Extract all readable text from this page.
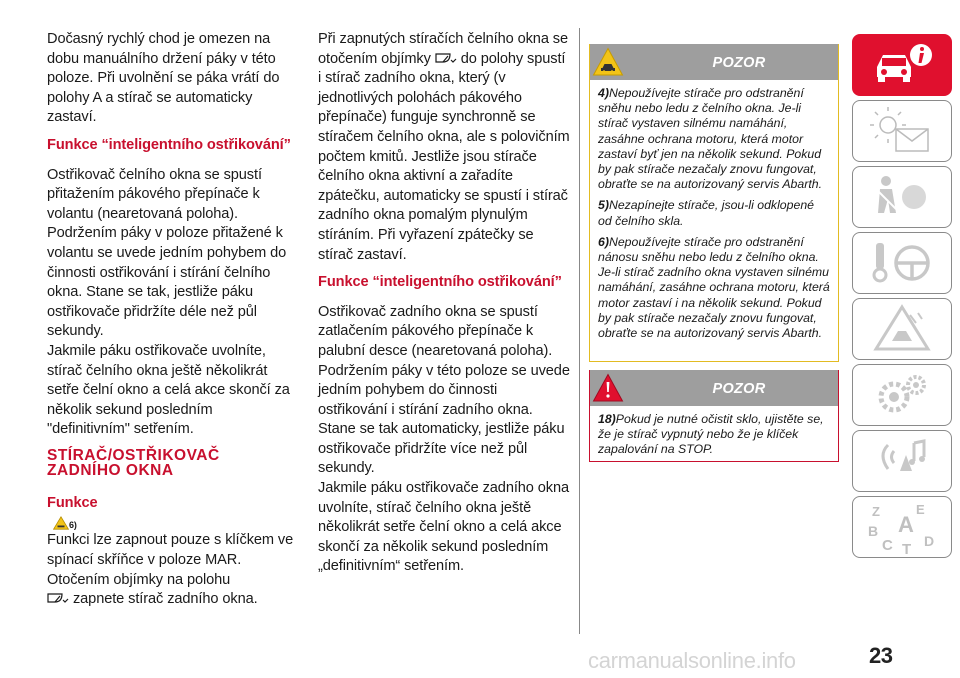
Dočasný rychlý chod je omezen na dobu manuálního držení páky v této poloze. Při uvolnění se páka vrátí do polohy A a stírač se automaticky zastaví.

Funkce “inteligentního ostřikování”

Ostřikovač čelního okna se spustí přitažením pákového přepínače k volantu (nearetovaná poloha). Podržením páky v poloze přitažené k volantu se uvede jedním pohybem do činnosti ostřikování i stírání čelního okna. Stane se tak, jestliže páku ostřikovače přidržíte déle než půl sekundy.

Jakmile páku ostřikovače uvolníte, stírač čelního okna ještě několikrát setře čelní okno a celá akce skončí za několik sekund posledním "definitivním" setřením.

STÍRAČ/OSTŘIKOVAČ
ZADNÍHO OKNA
Funkce
6)

Funkci lze zapnout pouze s klíčkem ve spínací skříňce v poloze MAR.

Otočením objímky na polohu
zapnete stírač zadního okna.

Při zapnutých stíračích čelního okna se otočením objímky do polohy spustí i stírač zadního okna, který (v jednotlivých polohách pákového přepínače) funguje synchronně se stíračem čelního okna, ale s polovičním počtem kmitů. Jestliže jsou stírače čelního okna aktivní a zařadíte zpátečku, automaticky se spustí i stírač zadního okna pomalým plynulým stíráním. Při vyřazení zpátečky se stírač zastaví.

Funkce “inteligentního ostřikování”

Ostřikovač zadního okna se spustí zatlačením pákového přepínače k palubní desce (nearetovaná poloha). Podržením páky v této poloze se uvede jedním pohybem do činnosti ostřikování i stírání zadního okna. Stane se tak automaticky, jestliže páku ostřikovače přidržíte více než půl sekundy.

Jakmile páku ostřikovače zadního okna uvolníte, stírač čelního okna ještě několikrát setře čelní okno a celá akce skončí za několik sekund posledním „definitivním“ setřením.

POZOR

4)Nepoužívejte stírače pro odstranění sněhu nebo ledu z čelního okna. Je-li stírač vystaven silnému namáhání, zasáhne ochrana motoru, která motor zastaví byť jen na několik sekund. Pokud by pak stírače nezačaly znovu fungovat, obraťte se na autorizovaný servis Abarth.

5)Nezapínejte stírače, jsou-li odklopené od čelního skla.

6)Nepoužívejte stírače pro odstranění nánosu sněhu nebo ledu z čelního okna. Je-li stírač zadního okna vystaven silnému namáhání, zasáhne ochrana motoru, která motor zastaví i na několik sekund. Pokud by pak stírače nezačaly znovu fungovat, obraťte se na autorizovaný servis Abarth.

POZOR

18)Pokud je nutné očistit sklo, ujistěte se, že je stírač vypnutý nebo že je klíček zapalování na STOP.

Z	E
A
B
C T D
23
carmanualsonline.info
